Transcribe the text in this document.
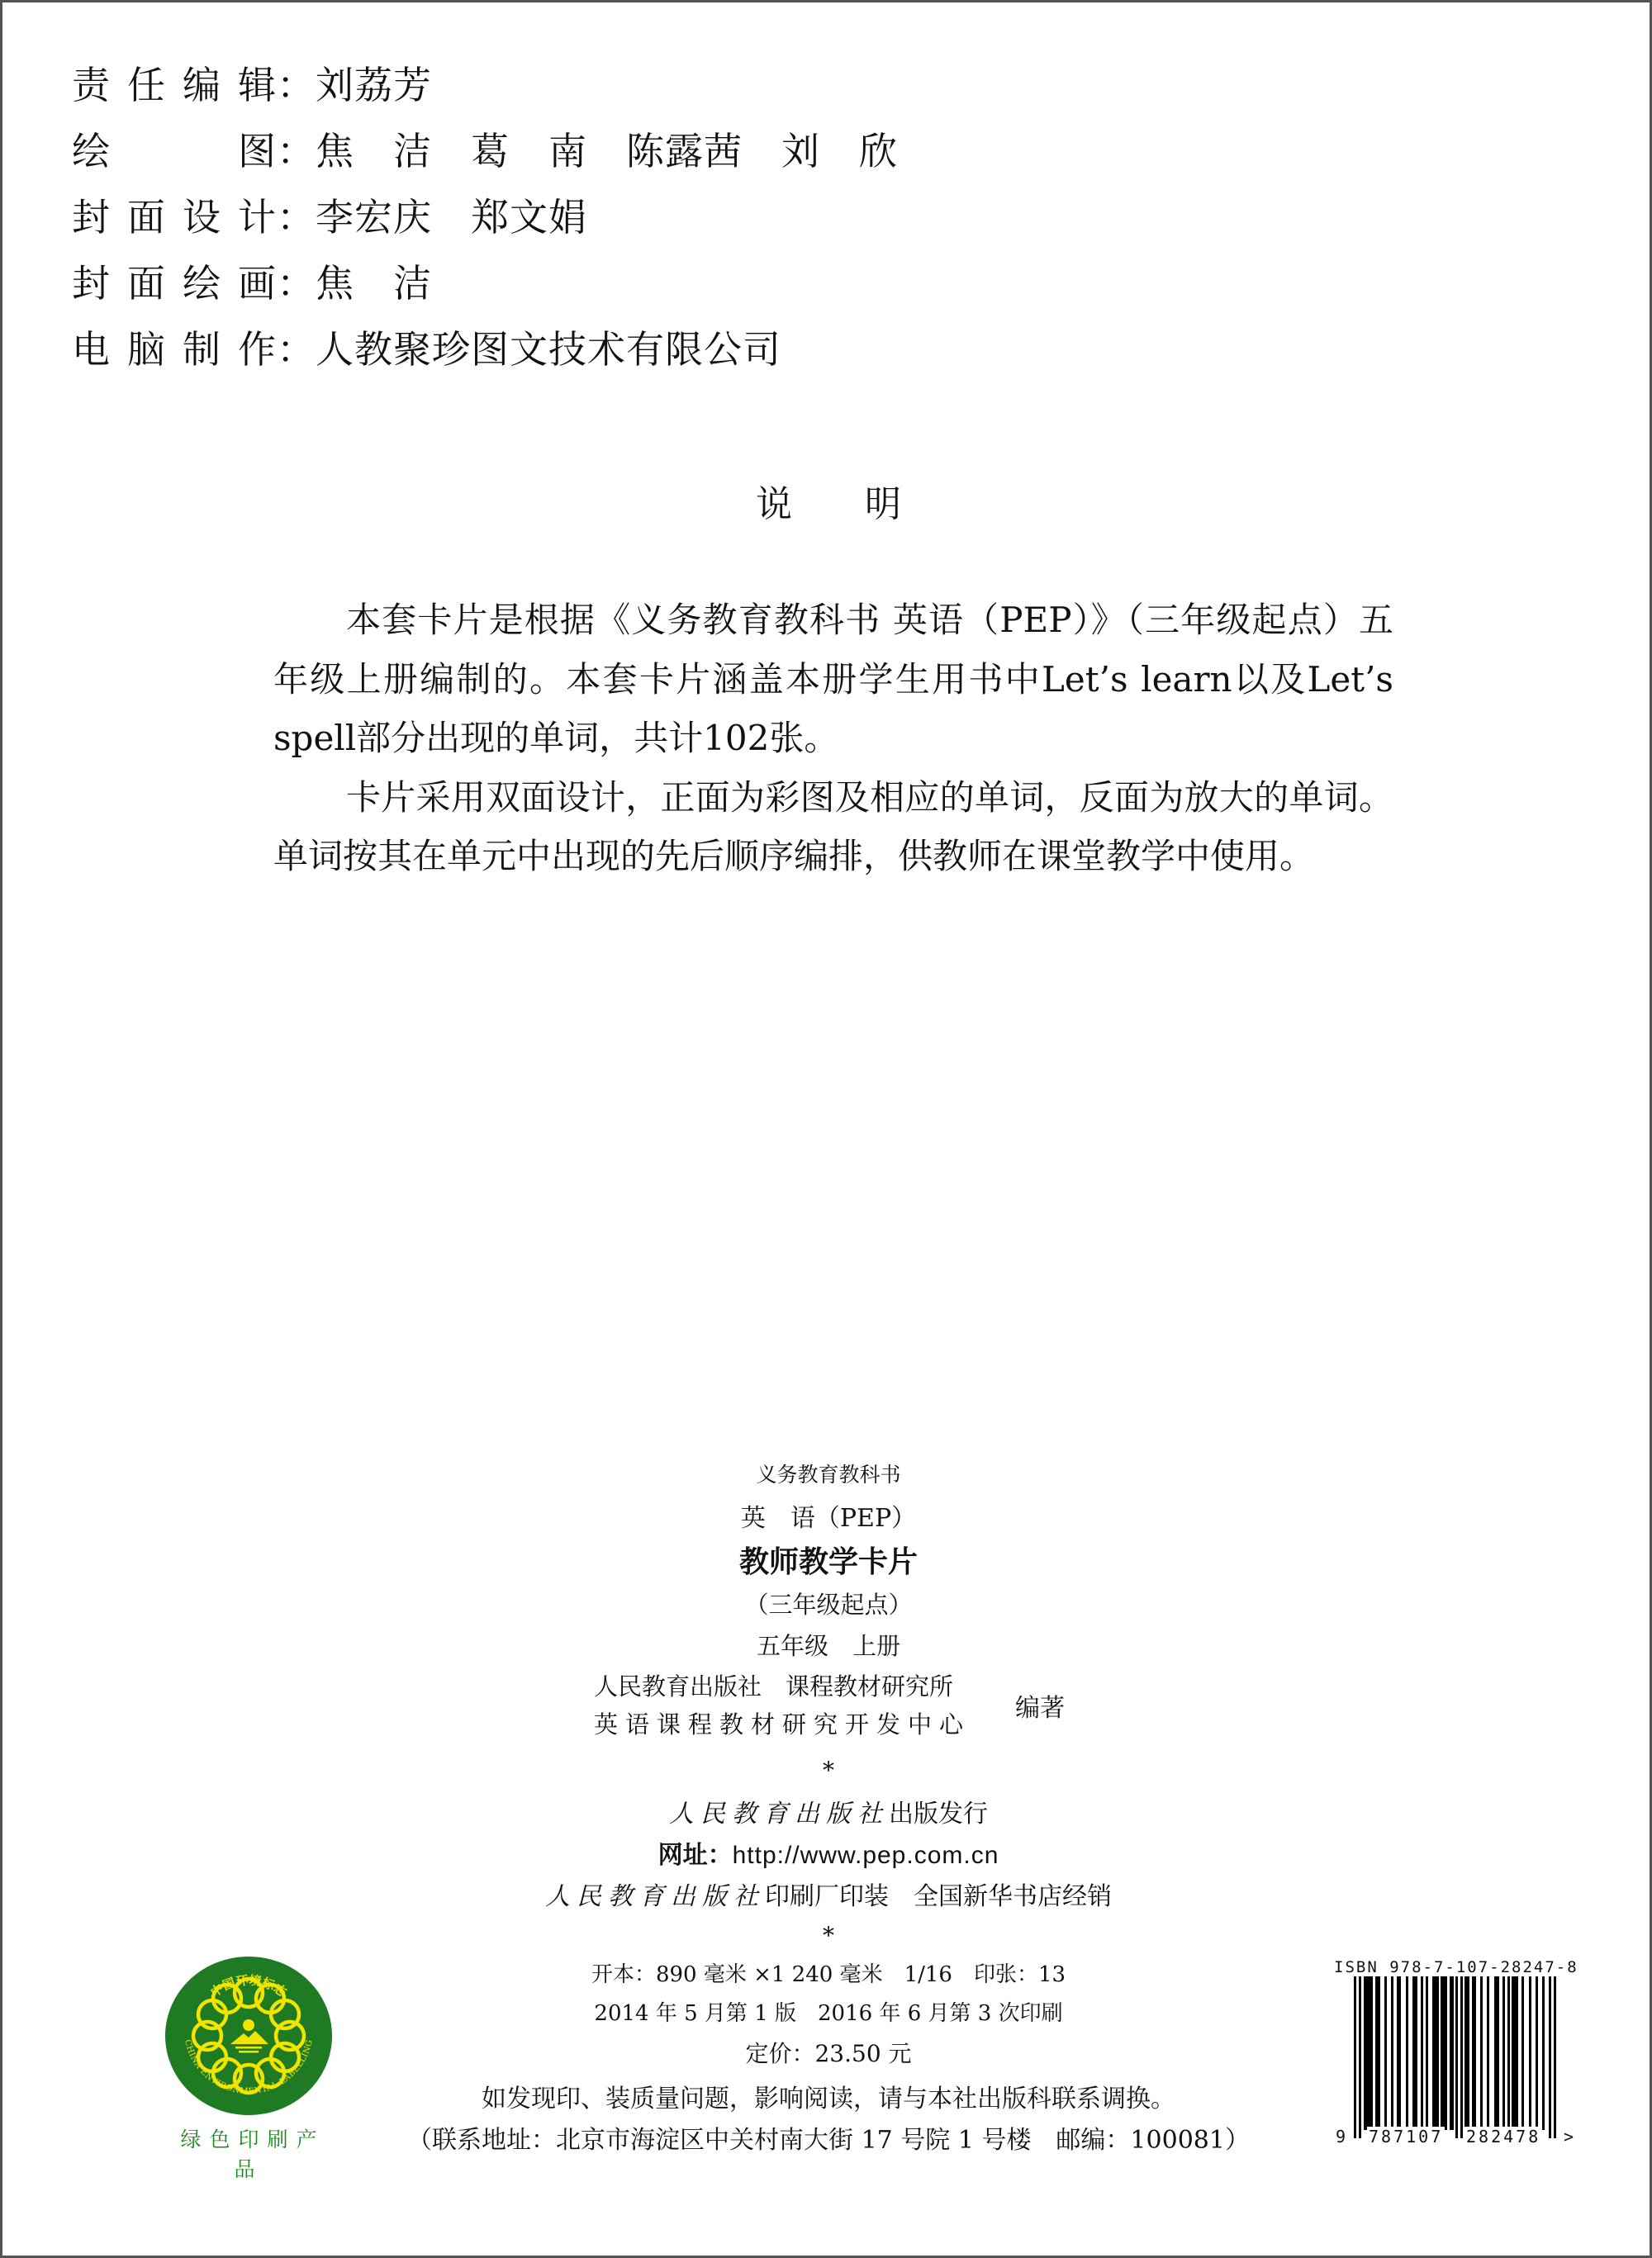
责 任 编 辑 ： 刘荔芳
绘	图 ： 焦　洁　葛　南　陈露茜　刘　欣
封 面 设 计 ： 李宏庆　郑文娟
封 面 绘 画 ： 焦　洁
电 脑 制 作 ： 人教聚珍图文技术有限公司
说明

本套卡片是根据《义务教育教科书 英语（PEP）》（三年级起点）五年级上册编制的。本套卡片涵盖本册学生用书中Let’s learn以及Let’s spell部分出现的单词，共计102张。

卡片采用双面设计，正面为彩图及相应的单词，反面为放大的单词。单词按其在单元中出现的先后顺序编排，供教师在课堂教学中使用。

义务教育教科书
英　语（PEP）
教师教学卡片
（三年级起点）
五年级　上册
人民教育出版社　课程教材研究所
英语课程教材研究开发中心
编著
*
人民教育出版社出版发行
网址：http://www.pep.com.cn
人民教育出版社印刷厂印装　全国新华书店经销
*
开本：890 毫米 ×1 240 毫米　1/16　印张：13
2014 年 5 月第 1 版　2016 年 6 月第 3 次印刷
定价：23.50 元
如发现印、装质量问题，影响阅读，请与本社出版科联系调换。
（联系地址：北京市海淀区中关村南大街 17 号院 1 号楼　邮编：100081）
中国环境标志
CHINA ENVIRONMENTAL LABELLING
绿色印刷产品
ISBN 978-7-107-28247-8
9 787107 282478 >
